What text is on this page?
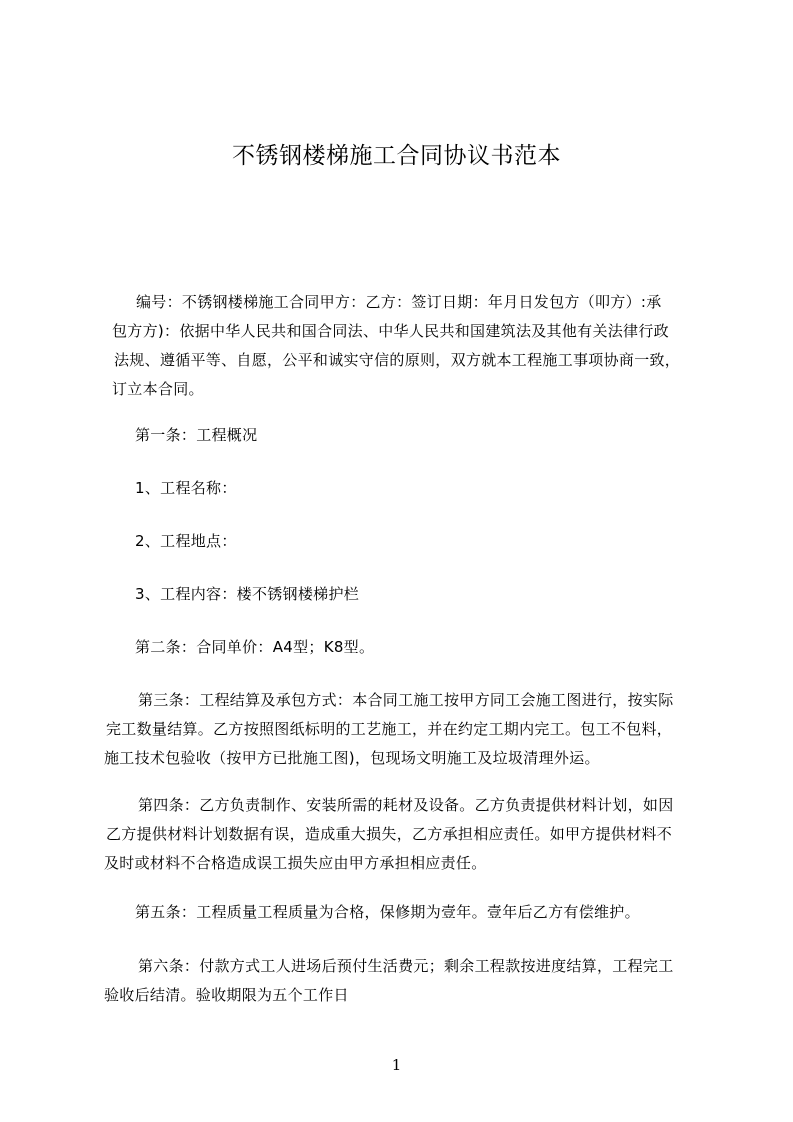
不锈钢楼梯施工合同协议书范本

编号：不锈钢楼梯施工合同甲方：乙方：签订日期：年月日发包方（叩方）:承
包方方)：依据中华人民共和国合同法、中华人民共和国建筑法及其他有关法律行政
法规、遵循平等、自愿，公平和诚实守信的原则，双方就本工程施工事项协商一致，
订立本合同。

第一条：工程概况

1、工程名称：

2、工程地点：

3、工程内容：楼不锈钢楼梯护栏

第二条：合同单价：A4型；K8型。

第三条：工程结算及承包方式：本合同工施工按甲方同工会施工图进行，按实际
完工数量结算。乙方按照图纸标明的工艺施工，并在约定工期内完工。包工不包料，
施工技术包验收（按甲方已批施工图)，包现场文明施工及垃圾清理外运。

第四条：乙方负责制作、安装所需的耗材及设备。乙方负责提供材料计划，如因
乙方提供材料计划数据有误，造成重大损失，乙方承担相应责任。如甲方提供材料不
及时或材料不合格造成误工损失应由甲方承担相应责任。

第五条：工程质量工程质量为合格，保修期为壹年。壹年后乙方有偿维护。

第六条：付款方式工人进场后预付生活费元；剩余工程款按进度结算，工程完工
验收后结清。验收期限为五个工作日

1
